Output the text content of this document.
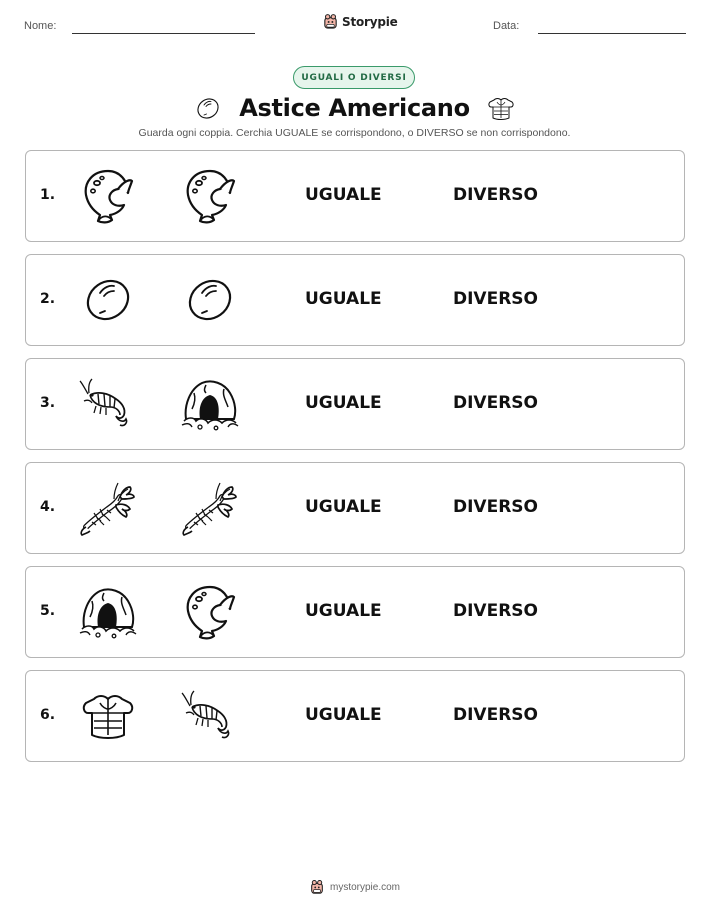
Nome:	Storypie	Data:
UGUALI O DIVERSI
Astice Americano
Guarda ogni coppia. Cerchia UGUALE se corrispondono, o DIVERSO se non corrispondono.
1.	UGUALE	DIVERSO
2.	UGUALE	DIVERSO
3.	UGUALE	DIVERSO
4.	UGUALE	DIVERSO
5.	UGUALE	DIVERSO
6.	UGUALE	DIVERSO
mystorypie.com
